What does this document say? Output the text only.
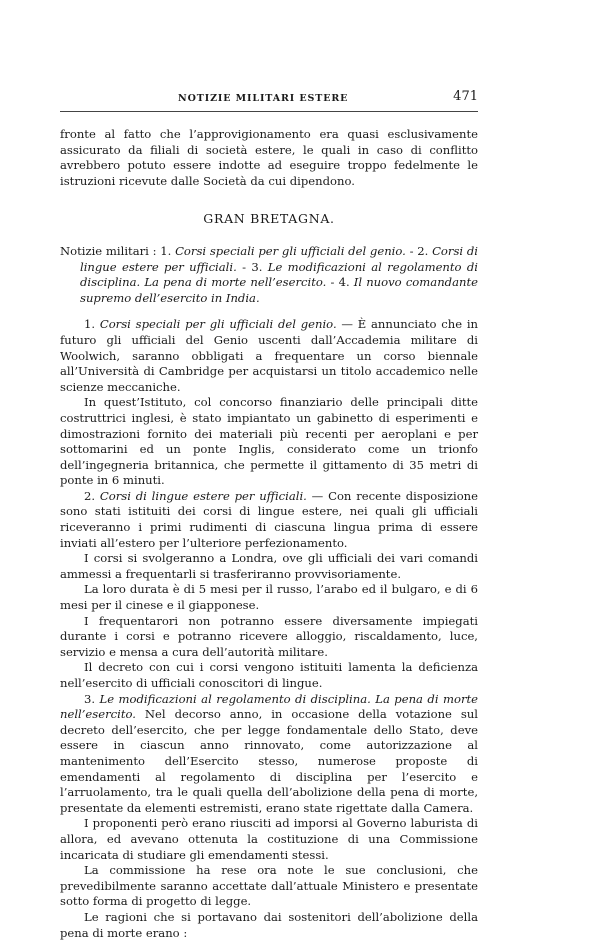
NOTIZIE MILITARI ESTERE	471

fronte al fatto che l’approvigionamento era quasi esclusivamente assicurato da filiali di società estere, le quali in caso di conflitto avrebbero potuto essere indotte ad eseguire troppo fedelmente le istruzioni ricevute dalle Società da cui dipendono.

GRAN BRETAGNA.

Notizie militari : 1. Corsi speciali per gli ufficiali del genio. - 2. Corsi di lingue estere per ufficiali. - 3. Le modificazioni al regolamento di disciplina. La pena di morte nell’esercito. - 4. Il nuovo comandante supremo dell’esercito in India.

1. Corsi speciali per gli ufficiali del genio. — È annunciato che in futuro gli ufficiali del Genio uscenti dall’Accademia militare di Woolwich, saranno obbligati a frequentare un corso biennale all’Università di Cambridge per acquistarsi un titolo accademico nelle scienze meccaniche.

In quest’Istituto, col concorso finanziario delle principali ditte costruttrici inglesi, è stato impiantato un gabinetto di esperimenti e dimostrazioni fornito dei materiali più recenti per aeroplani e per sottomarini ed un ponte Inglis, considerato come un trionfo dell’ingegneria britannica, che permette il gittamento di 35 metri di ponte in 6 minuti.

2. Corsi di lingue estere per ufficiali. — Con recente disposizione sono stati istituiti dei corsi di lingue estere, nei quali gli ufficiali riceveranno i primi rudimenti di ciascuna lingua prima di essere inviati all’estero per l’ulteriore perfezionamento.

I corsi si svolgeranno a Londra, ove gli ufficiali dei vari comandi ammessi a frequentarli si trasferiranno provvisoriamente.

La loro durata è di 5 mesi per il russo, l’arabo ed il bulgaro, e di 6 mesi per il cinese e il giapponese.

I frequentarori non potranno essere diversamente impiegati durante i corsi e potranno ricevere alloggio, riscaldamento, luce, servizio e mensa a cura dell’autorità militare.

Il decreto con cui i corsi vengono istituiti lamenta la deficienza nell’esercito di ufficiali conoscitori di lingue.

3. Le modificazioni al regolamento di disciplina. La pena di morte nell’esercito. Nel decorso anno, in occasione della votazione sul decreto dell’esercito, che per legge fondamentale dello Stato, deve essere in ciascun anno rinnovato, come autorizzazione al mantenimento dell’Esercito stesso, numerose proposte di emendamenti al regolamento di disciplina per l’esercito e l’arruolamento, tra le quali quella dell’abolizione della pena di morte, presentate da elementi estremisti, erano state rigettate dalla Camera.

I proponenti però erano riusciti ad imporsi al Governo laburista di allora, ed avevano ottenuta la costituzione di una Commissione incaricata di studiare gli emendamenti stessi.

La commissione ha rese ora note le sue conclusioni, che prevedibilmente saranno accettate dall’attuale Ministero e presentate sotto forma di progetto di legge.

Le ragioni che si portavano dai sostenitori dell’abolizione della pena di morte erano :
